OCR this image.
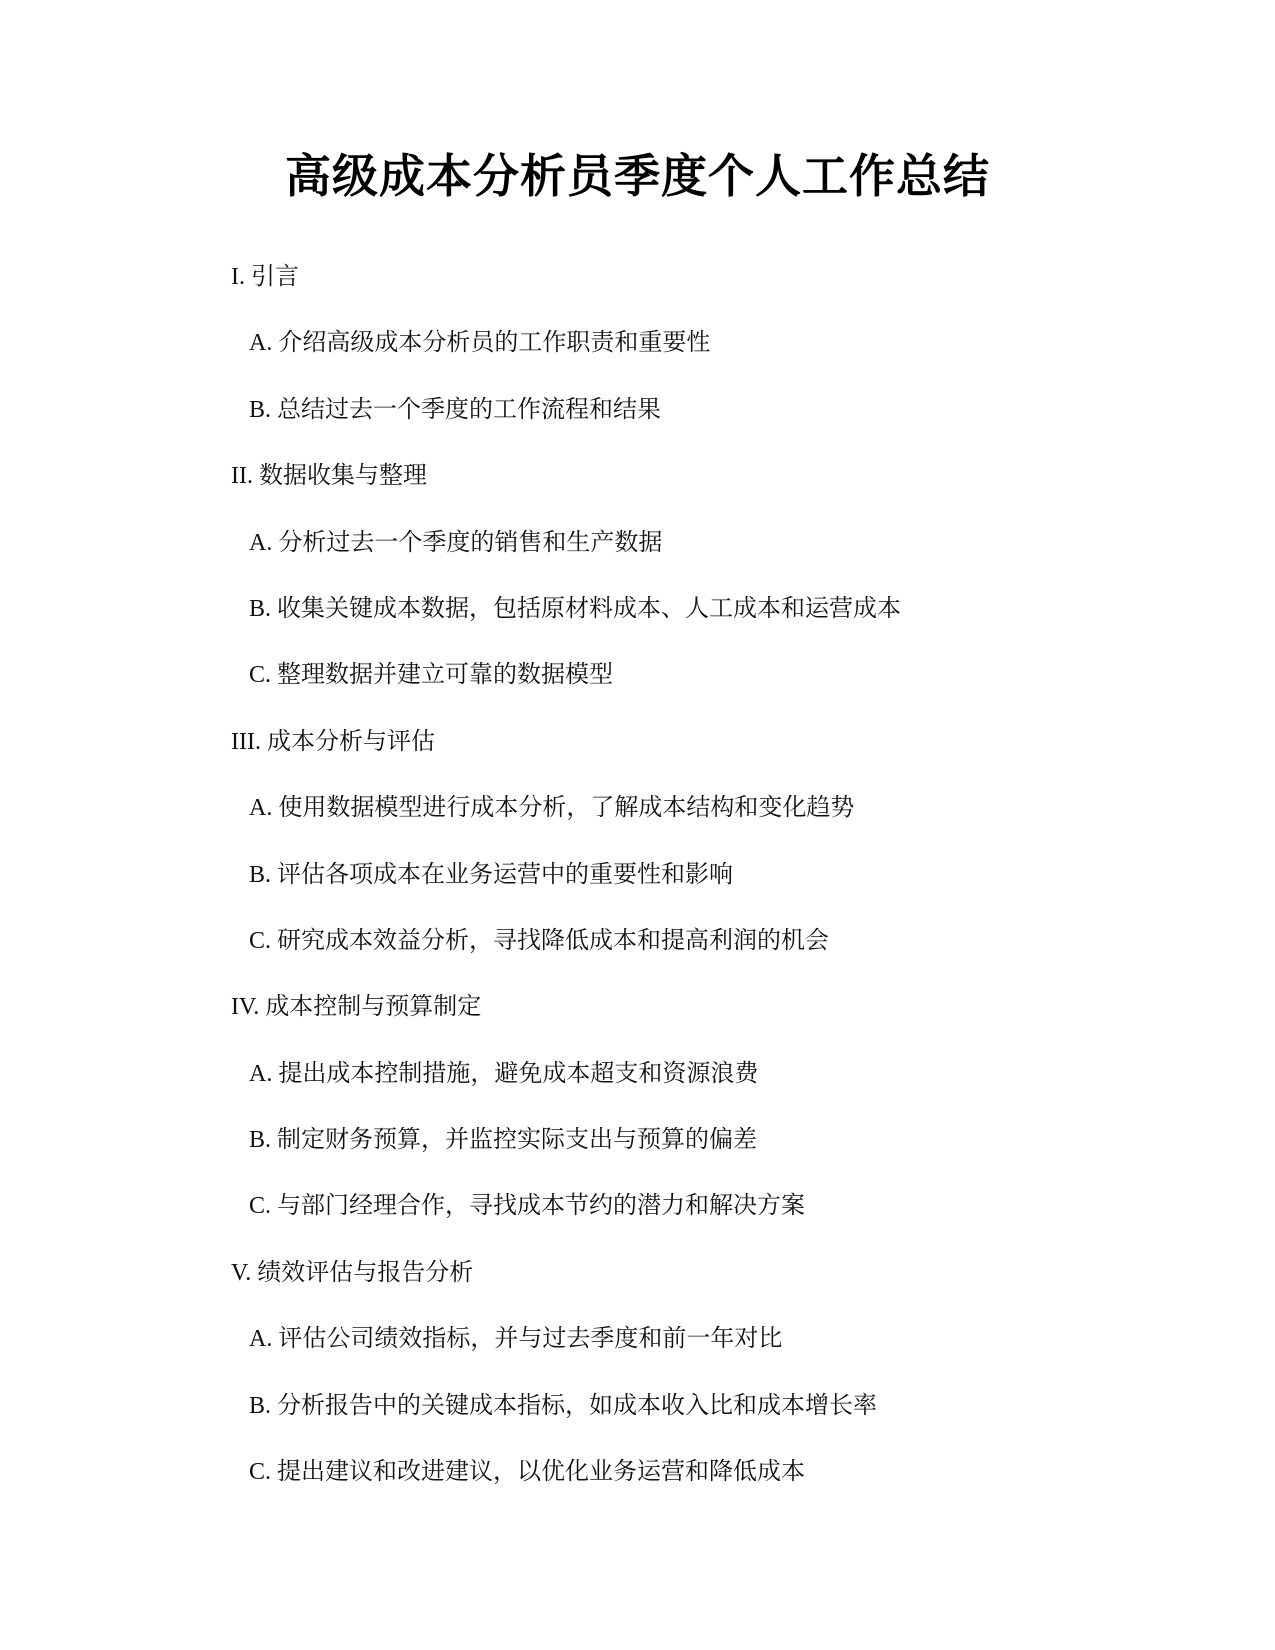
高级成本分析员季度个人工作总结
I. 引言
A. 介绍高级成本分析员的工作职责和重要性
B. 总结过去一个季度的工作流程和结果
II. 数据收集与整理
A. 分析过去一个季度的销售和生产数据
B. 收集关键成本数据，包括原材料成本、人工成本和运营成本
C. 整理数据并建立可靠的数据模型
III. 成本分析与评估
A. 使用数据模型进行成本分析，了解成本结构和变化趋势
B. 评估各项成本在业务运营中的重要性和影响
C. 研究成本效益分析，寻找降低成本和提高利润的机会
IV. 成本控制与预算制定
A. 提出成本控制措施，避免成本超支和资源浪费
B. 制定财务预算，并监控实际支出与预算的偏差
C. 与部门经理合作，寻找成本节约的潜力和解决方案
V. 绩效评估与报告分析
A. 评估公司绩效指标，并与过去季度和前一年对比
B. 分析报告中的关键成本指标，如成本收入比和成本增长率
C. 提出建议和改进建议，以优化业务运营和降低成本
